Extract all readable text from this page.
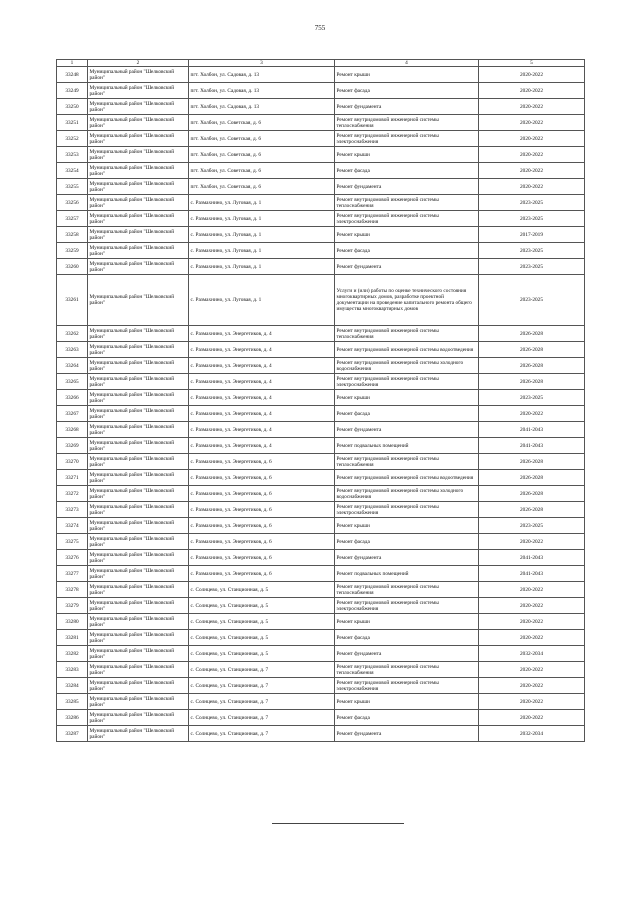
755
1	2	3	4	5
33248	Муниципальный район "Шелковский район"	пгт. Холбон, ул. Садовая, д. 13	Ремонт крыши	2020-2022
33249	Муниципальный район "Шелковский район"	пгт. Холбон, ул. Садовая, д. 13	Ремонт фасада	2020-2022
33250	Муниципальный район "Шелковский район"	пгт. Холбон, ул. Садовая, д. 13	Ремонт фундамента	2020-2022
33251	Муниципальный район "Шелковский район"	пгт. Холбон, ул. Советская, д. 6	Ремонт внутридомовой инженерной системы теплоснабжения	2020-2022
33252	Муниципальный район "Шелковский район"	пгт. Холбон, ул. Советская, д. 6	Ремонт внутридомовой инженерной системы электроснабжения	2020-2022
33253	Муниципальный район "Шелковский район"	пгт. Холбон, ул. Советская, д. 6	Ремонт крыши	2020-2022
33254	Муниципальный район "Шелковский район"	пгт. Холбон, ул. Советская, д. 6	Ремонт фасада	2020-2022
33255	Муниципальный район "Шелковский район"	пгт. Холбон, ул. Советская, д. 6	Ремонт фундамента	2020-2022
33256	Муниципальный район "Шелковский район"	с. Размахнино, ул. Луговая, д. 1	Ремонт внутридомовой инженерной системы теплоснабжения	2023-2025
33257	Муниципальный район "Шелковский район"	с. Размахнино, ул. Луговая, д. 1	Ремонт внутридомовой инженерной системы электроснабжения	2023-2025
33258	Муниципальный район "Шелковский район"	с. Размахнино, ул. Луговая, д. 1	Ремонт крыши	2017-2019
33259	Муниципальный район "Шелковский район"	с. Размахнино, ул. Луговая, д. 1	Ремонт фасада	2023-2025
33260	Муниципальный район "Шелковский район"	с. Размахнино, ул. Луговая, д. 1	Ремонт фундамента	2023-2025
33261	Муниципальный район "Шелковский район"	с. Размахнино, ул. Луговая, д. 1	Услуги и (или) работы по оценке технического состояния многоквартирных домов, разработке проектной документации на проведение капитального ремонта общего имущества многоквартирных домов	2023-2025
33262	Муниципальный район "Шелковский район"	с. Размахнино, ул. Энергетиков, д. 4	Ремонт внутридомовой инженерной системы теплоснабжения	2026-2028
33263	Муниципальный район "Шелковский район"	с. Размахнино, ул. Энергетиков, д. 4	Ремонт внутридомовой инженерной системы водоотведения	2026-2028
33264	Муниципальный район "Шелковский район"	с. Размахнино, ул. Энергетиков, д. 4	Ремонт внутридомовой инженерной системы холодного водоснабжения	2026-2028
33265	Муниципальный район "Шелковский район"	с. Размахнино, ул. Энергетиков, д. 4	Ремонт внутридомовой инженерной системы электроснабжения	2026-2028
33266	Муниципальный район "Шелковский район"	с. Размахнино, ул. Энергетиков, д. 4	Ремонт крыши	2023-2025
33267	Муниципальный район "Шелковский район"	с. Размахнино, ул. Энергетиков, д. 4	Ремонт фасада	2020-2022
33268	Муниципальный район "Шелковский район"	с. Размахнино, ул. Энергетиков, д. 4	Ремонт фундамента	2041-2043
33269	Муниципальный район "Шелковский район"	с. Размахнино, ул. Энергетиков, д. 4	Ремонт подвальных помещений	2041-2043
33270	Муниципальный район "Шелковский район"	с. Размахнино, ул. Энергетиков, д. 6	Ремонт внутридомовой инженерной системы теплоснабжения	2026-2028
33271	Муниципальный район "Шелковский район"	с. Размахнино, ул. Энергетиков, д. 6	Ремонт внутридомовой инженерной системы водоотведения	2026-2028
33272	Муниципальный район "Шелковский район"	с. Размахнино, ул. Энергетиков, д. 6	Ремонт внутридомовой инженерной системы холодного водоснабжения	2026-2028
33273	Муниципальный район "Шелковский район"	с. Размахнино, ул. Энергетиков, д. 6	Ремонт внутридомовой инженерной системы электроснабжения	2026-2028
33274	Муниципальный район "Шелковский район"	с. Размахнино, ул. Энергетиков, д. 6	Ремонт крыши	2023-2025
33275	Муниципальный район "Шелковский район"	с. Размахнино, ул. Энергетиков, д. 6	Ремонт фасада	2020-2022
33276	Муниципальный район "Шелковский район"	с. Размахнино, ул. Энергетиков, д. 6	Ремонт фундамента	2041-2043
33277	Муниципальный район "Шелковский район"	с. Размахнино, ул. Энергетиков, д. 6	Ремонт подвальных помещений	2041-2043
33278	Муниципальный район "Шелковский район"	с. Солнцево, ул. Станционная, д. 5	Ремонт внутридомовой инженерной системы теплоснабжения	2020-2022
33279	Муниципальный район "Шелковский район"	с. Солнцево, ул. Станционная, д. 5	Ремонт внутридомовой инженерной системы электроснабжения	2020-2022
33280	Муниципальный район "Шелковский район"	с. Солнцево, ул. Станционная, д. 5	Ремонт крыши	2020-2022
33281	Муниципальный район "Шелковский район"	с. Солнцево, ул. Станционная, д. 5	Ремонт фасада	2020-2022
33282	Муниципальный район "Шелковский район"	с. Солнцево, ул. Станционная, д. 5	Ремонт фундамента	2032-2034
33283	Муниципальный район "Шелковский район"	с. Солнцево, ул. Станционная, д. 7	Ремонт внутридомовой инженерной системы теплоснабжения	2020-2022
33284	Муниципальный район "Шелковский район"	с. Солнцево, ул. Станционная, д. 7	Ремонт внутридомовой инженерной системы электроснабжения	2020-2022
33285	Муниципальный район "Шелковский район"	с. Солнцево, ул. Станционная, д. 7	Ремонт крыши	2020-2022
33286	Муниципальный район "Шелковский район"	с. Солнцево, ул. Станционная, д. 7	Ремонт фасада	2020-2022
33287	Муниципальный район "Шелковский район"	с. Солнцево, ул. Станционная, д. 7	Ремонт фундамента	2032-2034
